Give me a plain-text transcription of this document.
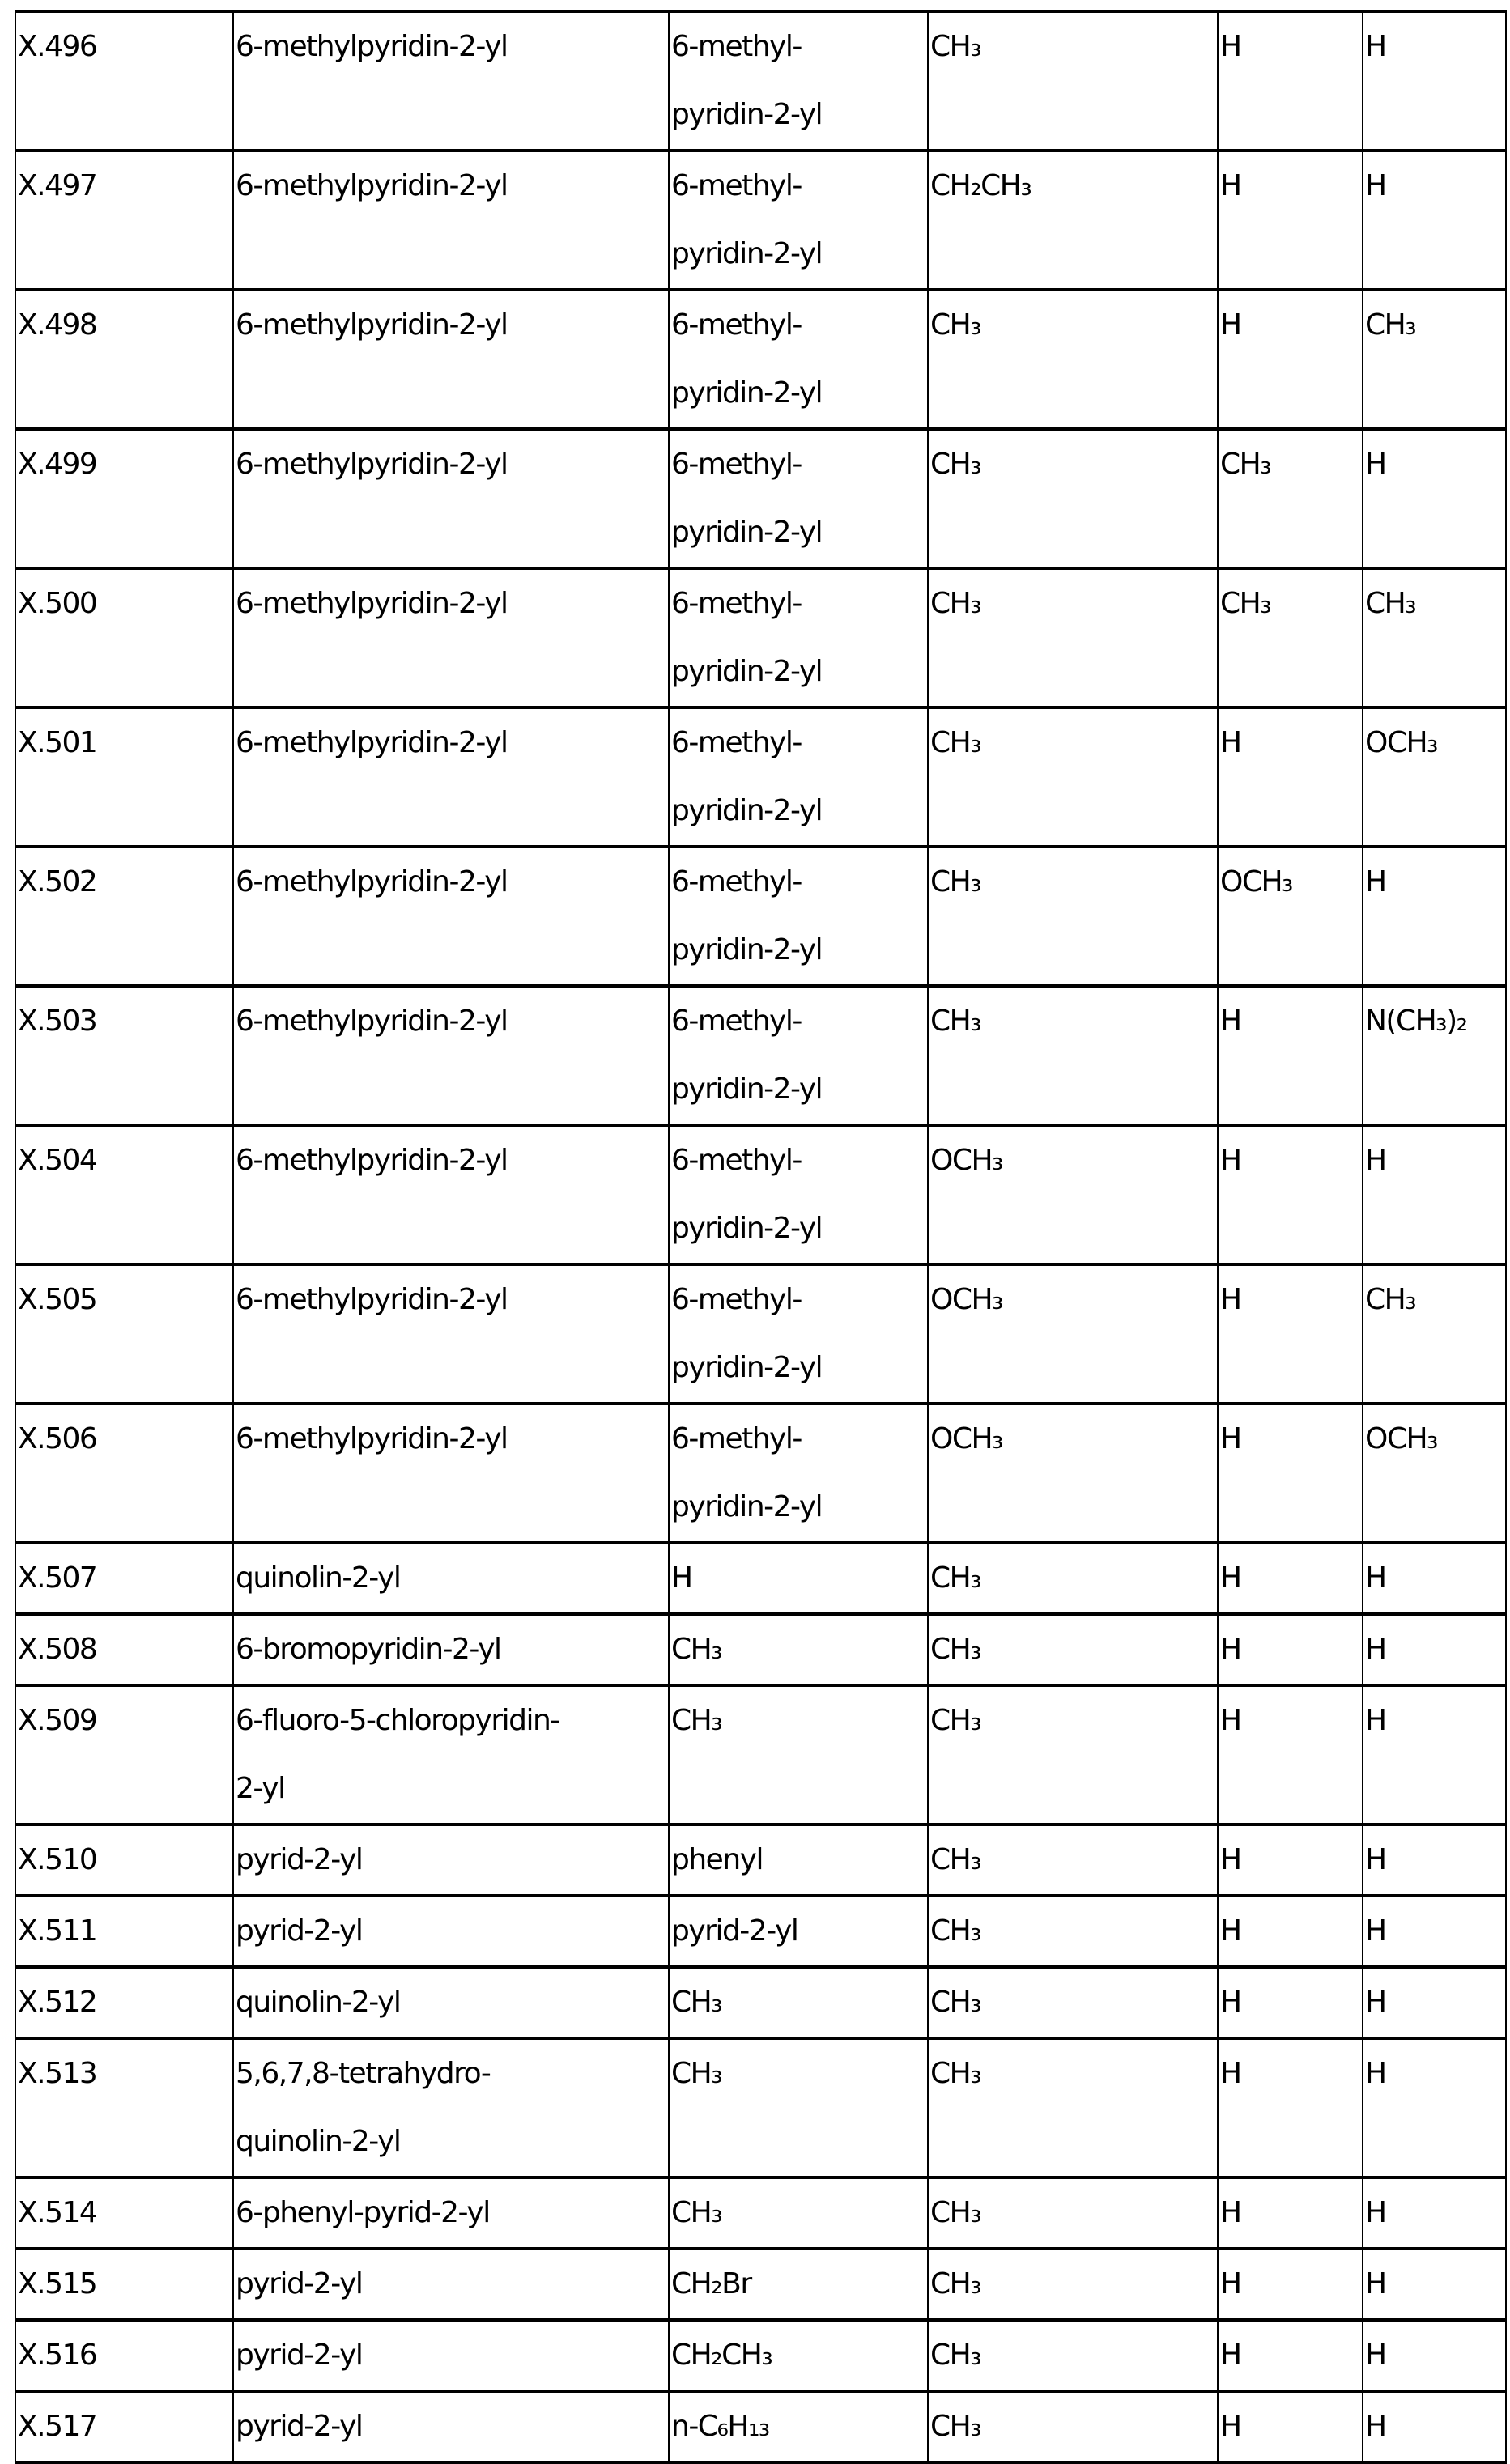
X.496	6-methylpyridin-2-yl	6-methyl-
pyridin-2-yl
	CH₃	H	H
X.497	6-methylpyridin-2-yl	6-methyl-
pyridin-2-yl
	CH₂CH₃	H	H
X.498	6-methylpyridin-2-yl	6-methyl-
pyridin-2-yl
	CH₃	H	CH₃
X.499	6-methylpyridin-2-yl	6-methyl-
pyridin-2-yl
	CH₃	CH₃	H
X.500	6-methylpyridin-2-yl	6-methyl-
pyridin-2-yl
	CH₃	CH₃	CH₃
X.501	6-methylpyridin-2-yl	6-methyl-
pyridin-2-yl
	CH₃	H	OCH₃
X.502	6-methylpyridin-2-yl	6-methyl-
pyridin-2-yl
	CH₃	OCH₃	H
X.503	6-methylpyridin-2-yl	6-methyl-
pyridin-2-yl
	CH₃	H	N(CH₃)₂
X.504	6-methylpyridin-2-yl	6-methyl-
pyridin-2-yl
	OCH₃	H	H
X.505	6-methylpyridin-2-yl	6-methyl-
pyridin-2-yl
	OCH₃	H	CH₃
X.506	6-methylpyridin-2-yl	6-methyl-
pyridin-2-yl
	OCH₃	H	OCH₃
X.507	quinolin-2-yl	H	CH₃	H	H
X.508	6-bromopyridin-2-yl	CH₃	CH₃	H	H
X.509	6-fluoro-5-chloropyridin-
2-yl

CH₃	CH₃	H	H
X.510	pyrid-2-yl	phenyl	CH₃	H	H
X.511	pyrid-2-yl	pyrid-2-yl	CH₃	H	H
X.512	quinolin-2-yl	CH₃	CH₃	H	H
X.513	5,6,7,8-tetrahydro-
quinolin-2-yl

CH₃	CH₃	H	H
X.514	6-phenyl-pyrid-2-yl	CH₃	CH₃	H	H
X.515	pyrid-2-yl	CH₂Br	CH₃	H	H
X.516	pyrid-2-yl	CH₂CH₃	CH₃	H	H
X.517	pyrid-2-yl	n-C₆H₁₃	CH₃	H	H
